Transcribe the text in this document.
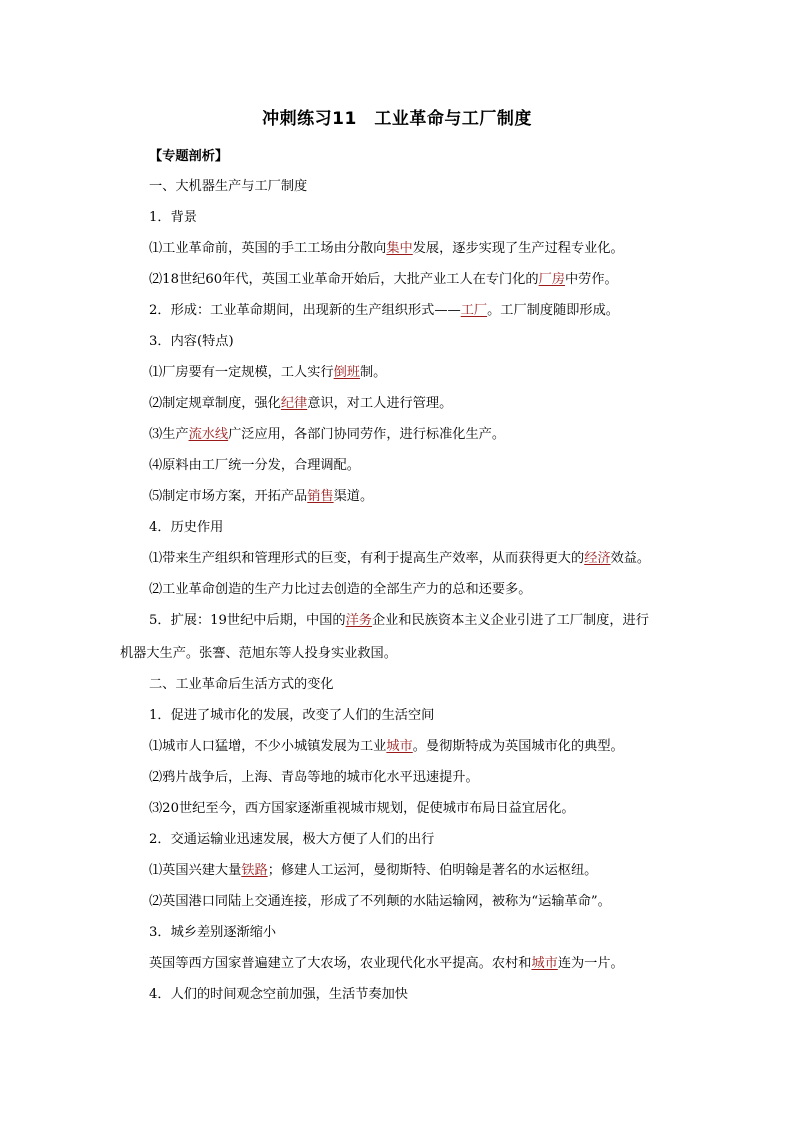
冲刺练习11　工业革命与工厂制度
【专题剖析】
一、大机器生产与工厂制度
1．背景
⑴工业革命前，英国的手工工场由分散向集中发展，逐步实现了生产过程专业化。
⑵18世纪60年代，英国工业革命开始后，大批产业工人在专门化的厂房中劳作。
2．形成：工业革命期间，出现新的生产组织形式——工厂。工厂制度随即形成。
3．内容(特点)
⑴厂房要有一定规模，工人实行倒班制。
⑵制定规章制度，强化纪律意识，对工人进行管理。
⑶生产流水线广泛应用，各部门协同劳作，进行标准化生产。
⑷原料由工厂统一分发，合理调配。
⑸制定市场方案，开拓产品销售渠道。
4．历史作用
⑴带来生产组织和管理形式的巨变，有利于提高生产效率，从而获得更大的经济效益。
⑵工业革命创造的生产力比过去创造的全部生产力的总和还要多。
5．扩展：19世纪中后期，中国的洋务企业和民族资本主义企业引进了工厂制度，进行
机器大生产。张謇、范旭东等人投身实业救国。
二、工业革命后生活方式的变化
1．促进了城市化的发展，改变了人们的生活空间
⑴城市人口猛增，不少小城镇发展为工业城市。曼彻斯特成为英国城市化的典型。
⑵鸦片战争后，上海、青岛等地的城市化水平迅速提升。
⑶20世纪至今，西方国家逐渐重视城市规划，促使城市布局日益宜居化。
2．交通运输业迅速发展，极大方便了人们的出行
⑴英国兴建大量铁路；修建人工运河，曼彻斯特、伯明翰是著名的水运枢纽。
⑵英国港口同陆上交通连接，形成了不列颠的水陆运输网，被称为“运输革命”。
3．城乡差别逐渐缩小
英国等西方国家普遍建立了大农场，农业现代化水平提高。农村和城市连为一片。
4．人们的时间观念空前加强，生活节奏加快
